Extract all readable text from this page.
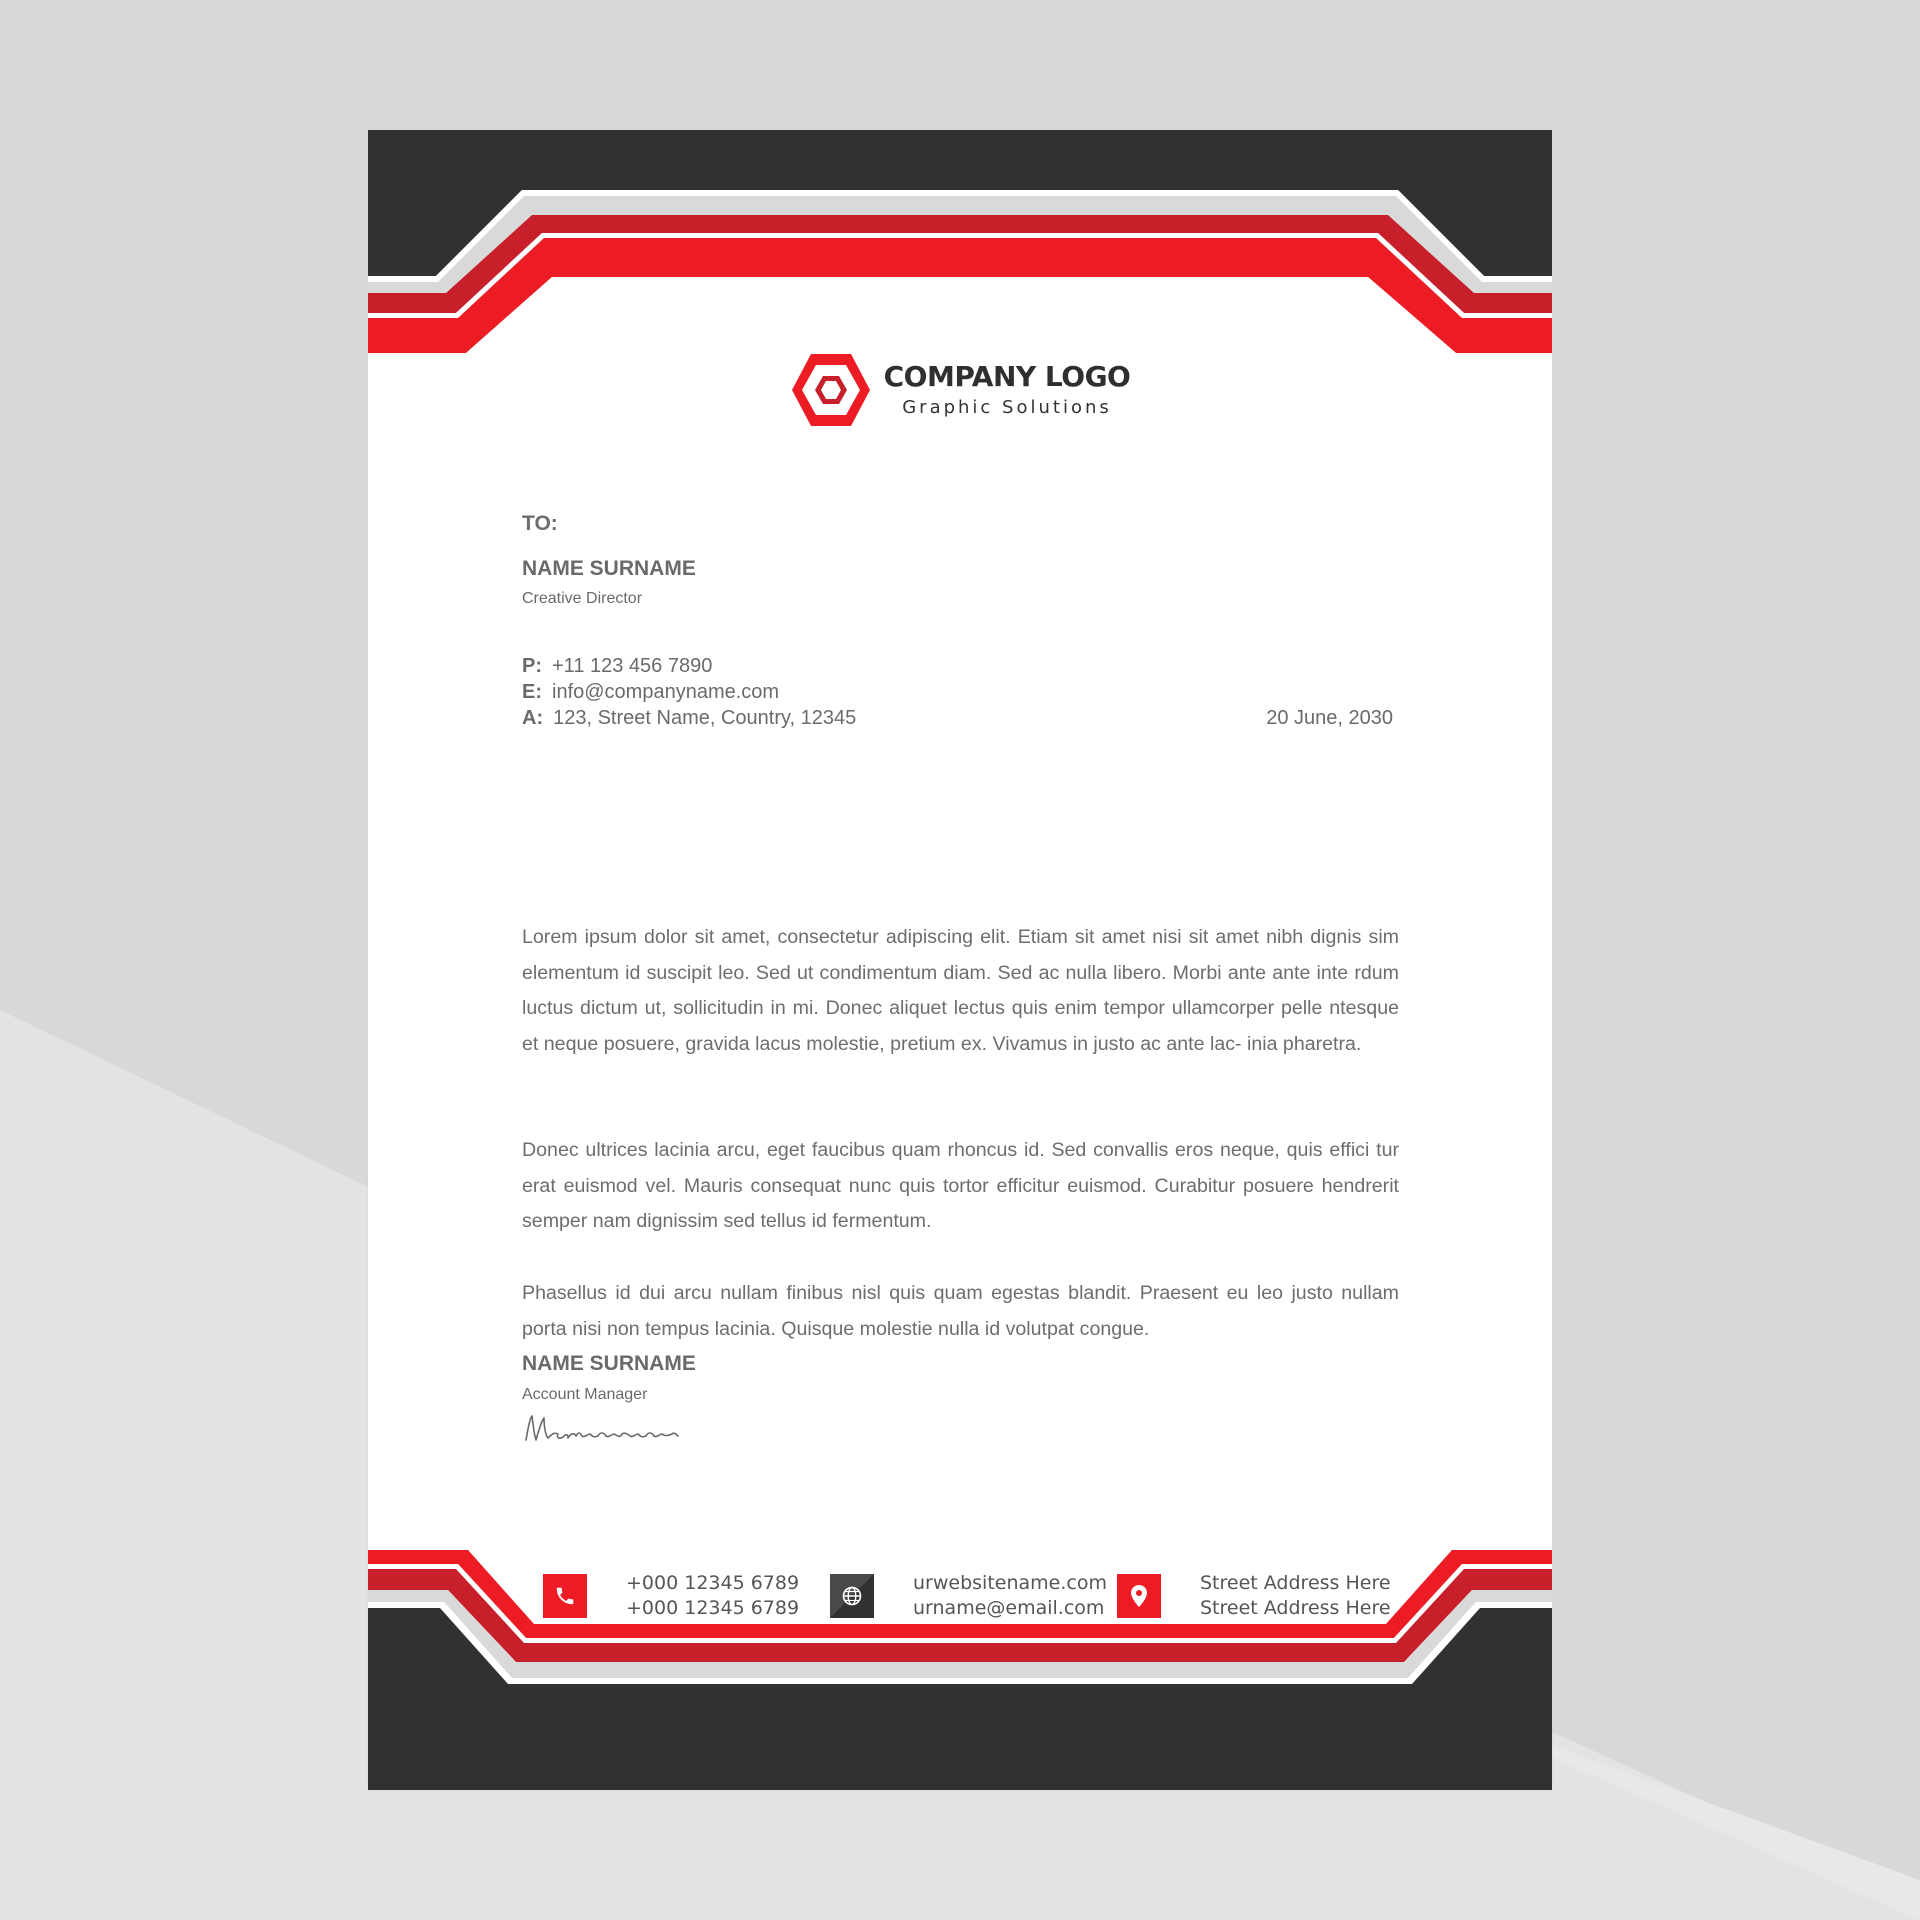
COMPANY LOGO
Graphic Solutions
TO:
NAME SURNAME
Creative Director
P: +11 123 456 7890
E: info@companyname.com
A: 123, Street Name, Country, 12345	20 June, 2030

Lorem ipsum dolor sit amet, consectetur adipiscing elit. Etiam sit amet nisi sit amet nibh dignis sim elementum id suscipit leo. Sed ut condimentum diam. Sed ac nulla libero. Morbi ante ante inte rdum luctus dictum ut, sollicitudin in mi. Donec aliquet lectus quis enim tempor ullamcorper pelle ntesque et neque posuere, gravida lacus molestie, pretium ex. Vivamus in justo ac ante lac- inia pharetra.

Donec ultrices lacinia arcu, eget faucibus quam rhoncus id. Sed convallis eros neque, quis effici tur erat euismod vel. Mauris consequat nunc quis tortor efficitur euismod. Curabitur posuere hendrerit semper nam dignissim sed tellus id fermentum.

Phasellus id dui arcu nullam finibus nisl quis quam egestas blandit. Praesent eu leo justo nullam porta nisi non tempus lacinia. Quisque molestie nulla id volutpat congue.

NAME SURNAME
Account Manager
+000 12345 6789
+000 12345 6789
urwebsitename.com
urname@email.com
Street Address Here
Street Address Here
